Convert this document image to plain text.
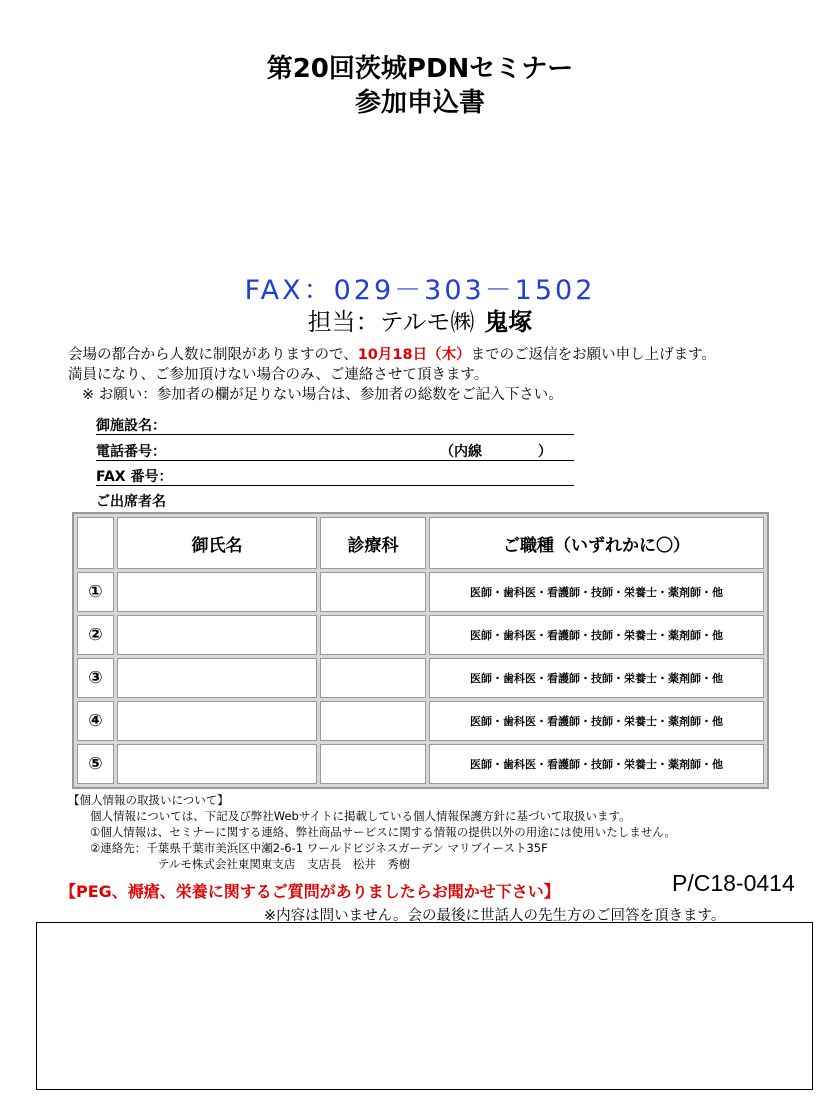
第20回茨城PDNセミナー
参加申込書
FAX：029－303－1502
担当：テルモ㈱ 鬼塚
会場の都合から人数に制限がありますので、10月18日（木）までのご返信をお願い申し上げます。
満員になり、ご参加頂けない場合のみ、ご連絡させて頂きます。
※ お願い：参加者の欄が足りない場合は、参加者の総数をご記入下さい。
御施設名：
電話番号：	（内線　　　　）
FAX 番号：
ご出席者名
	御氏名	診療科	ご職種（いずれかに〇）
①			医師・歯科医・看護師・技師・栄養士・薬剤師・他
②			医師・歯科医・看護師・技師・栄養士・薬剤師・他
③			医師・歯科医・看護師・技師・栄養士・薬剤師・他
④			医師・歯科医・看護師・技師・栄養士・薬剤師・他
⑤			医師・歯科医・看護師・技師・栄養士・薬剤師・他
【個人情報の取扱いについて】
個人情報については、下記及び弊社Webサイトに掲載している個人情報保護方針に基づいて取扱います。
①個人情報は、セミナーに関する連絡、弊社商品サービスに関する情報の提供以外の用途には使用いたしません。
②連絡先：千葉県千葉市美浜区中瀬2-6-1 ワールドビジネスガーデン マリブイースト35F
テルモ株式会社東関東支店　支店長　松井　秀樹
P/C18-0414
【PEG、褥瘡、栄養に関するご質問がありましたらお聞かせ下さい】
※内容は問いません。会の最後に世話人の先生方のご回答を頂きます。
